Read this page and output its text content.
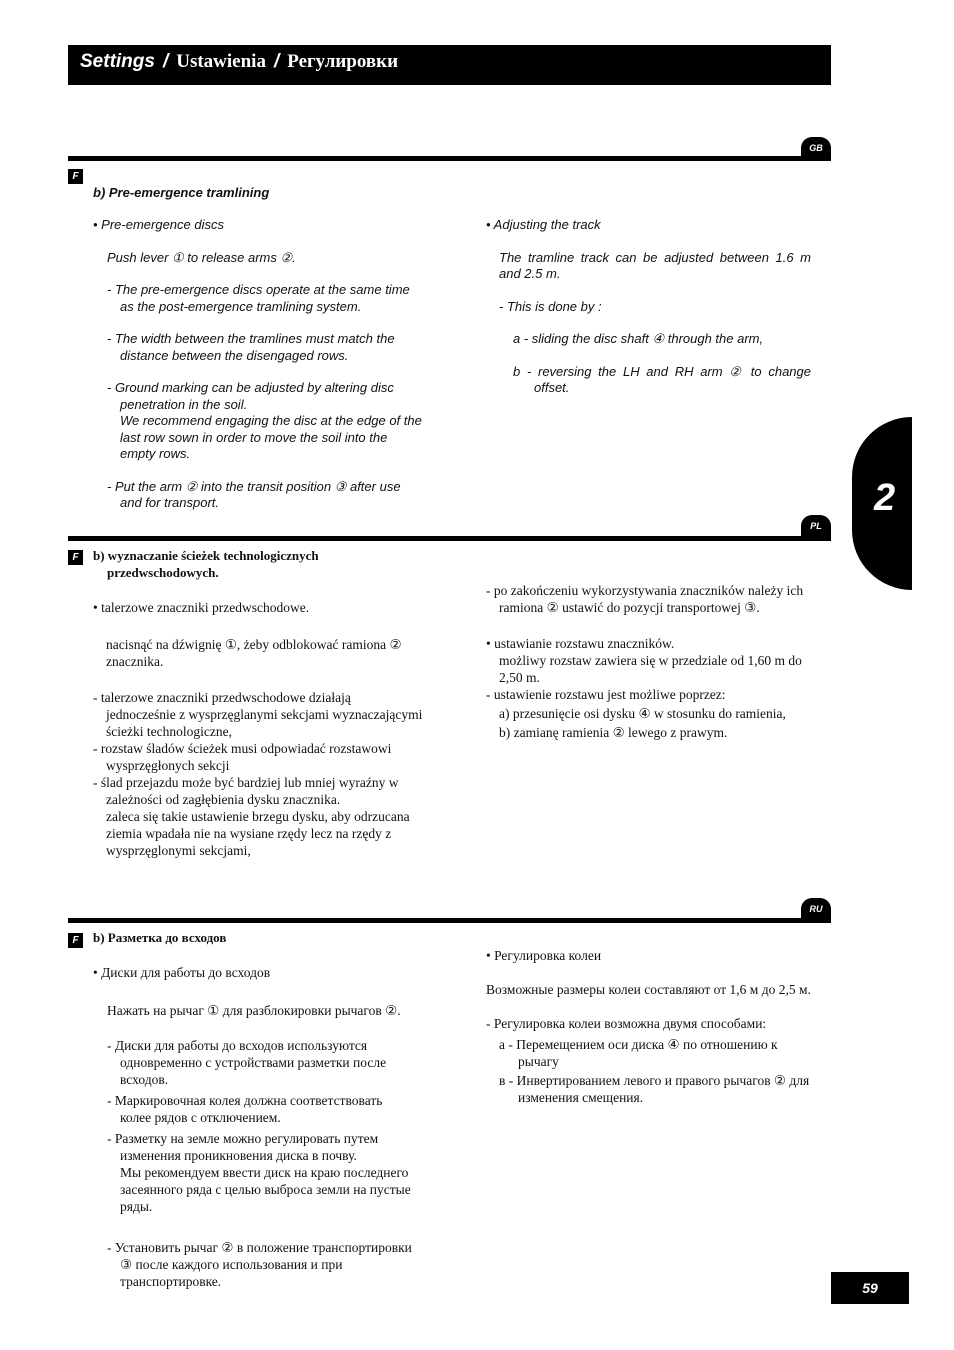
Settings / Ustawienia / Регулировки
2
GB
F
b) Pre-emergence tramlining
• Pre-emergence discs
Push lever ① to release arms ②.
- The pre-emergence discs operate at the same time as the post-emergence tramlining system.
- The width between the tramlines must match the distance between the disengaged rows.
- Ground marking can be adjusted by altering disc penetration in the soil.
We recommend engaging the disc at the edge of the last row sown in order to move the soil into the empty rows.
- Put the arm ② into the transit position ③ after use and for transport.
• Adjusting the track
The tramline track can be adjusted between 1.6 m and 2.5 m.
- This is done by :
a - sliding the disc shaft ④ through the arm,
b - reversing the LH and RH arm ② to change offset.
PL
F	b) wyznaczanie ścieżek technologicznych
przedwschodowych.
• talerzowe znaczniki przedwschodowe.
nacisnąć na dźwignię ①, żeby odblokować ramiona ② znacznika.
- talerzowe znaczniki przedwschodowe działają jednocześnie z wysprzęglanymi sekcjami wyznaczającymi ścieżki technologiczne,
- rozstaw śladów ścieżek musi odpowiadać rozstawowi wysprzęgłonych sekcji
- ślad przejazdu może być bardziej lub mniej wyraźny w zależności od zagłębienia dysku znacznika.
zaleca się takie ustawienie brzegu dysku, aby odrzucana ziemia wpadała nie na wysiane rzędy lecz na rzędy z wysprzęglonymi sekcjami,
- po zakończeniu wykorzystywania znaczników należy ich ramiona ② ustawić do pozycji transportowej ③.
• ustawianie rozstawu znaczników.
możliwy rozstaw zawiera się w przedziale od 1,60 m do 2,50 m.
- ustawienie rozstawu jest możliwe poprzez:
a) przesunięcie osi dysku ④ w stosunku do ramienia,
b) zamianę ramienia ② lewego z prawym.
RU
F	b) Разметка до всходов
• Диски для работы до всходов
Нажать на рычаг ① для разблокировки рычагов ②.
- Диски для работы до всходов используются одновременно с устройствами разметки после всходов.
- Маркировочная колея должна соответствовать колее рядов с отключением.
- Разметку на земле можно регулировать путем изменения проникновения диска в почву.
Мы рекомендуем ввести диск на краю последнего засеянного ряда с целью выброса земли на пустые ряды.
- Установить рычаг ② в положение транспортировки ③ после каждого использования и при транспортировке.
• Регулировка колеи
Возможные размеры колеи составляют от 1,6 м до 2,5 м.
- Регулировка колеи возможна двумя способами:
а - Перемещением оси диска ④ по отношению к рычагу
в - Инвертированием левого и правого рычагов ② для изменения смещения.
59
